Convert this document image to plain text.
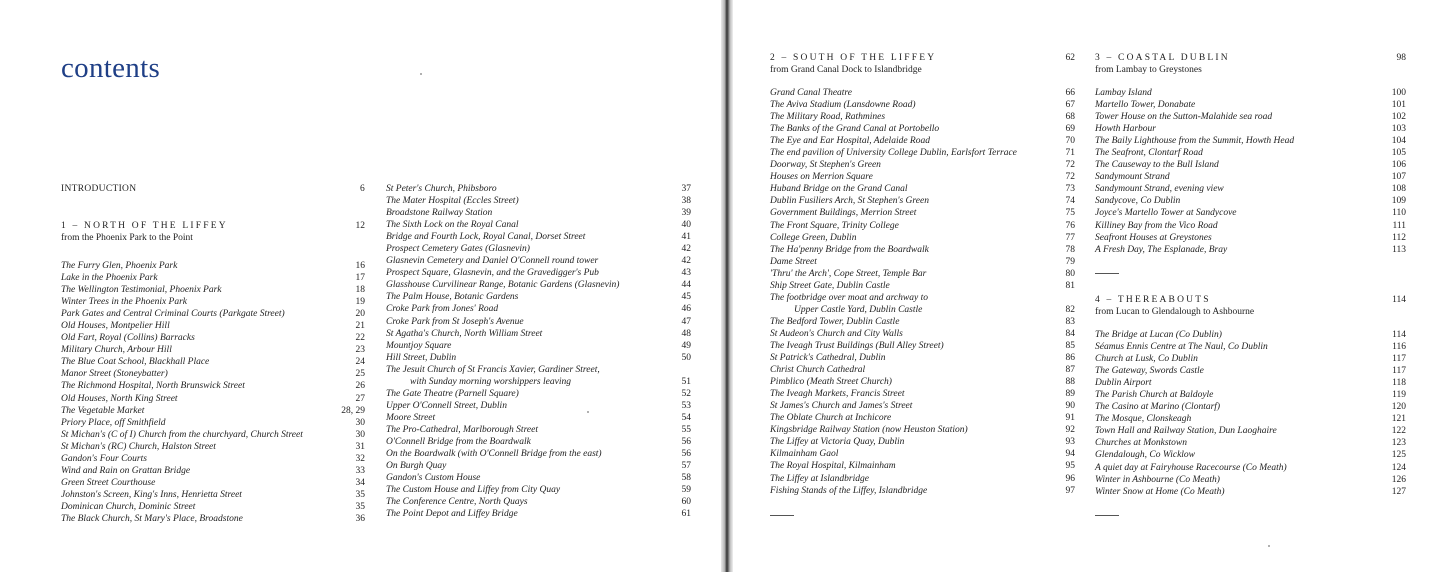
contents
INTRODUCTION	6
1 – NORTH OF THE LIFFEY	12
from the Phoenix Park to the Point
The Furry Glen, Phoenix Park	16
Lake in the Phoenix Park	17
The Wellington Testimonial, Phoenix Park	18
Winter Trees in the Phoenix Park	19
Park Gates and Central Criminal Courts (Parkgate Street)	20
Old Houses, Montpelier Hill	21
Old Fart, Royal (Collins) Barracks	22
Military Church, Arbour Hill	23
The Blue Coat School, Blackhall Place	24
Manor Street (Stoneybatter)	25
The Richmond Hospital, North Brunswick Street	26
Old Houses, North King Street	27
The Vegetable Market	28, 29
Priory Place, off Smithfield	30
St Michan's (C of I) Church from the churchyard, Church Street	30
St Michan's (RC) Church, Halston Street	31
Gandon's Four Courts	32
Wind and Rain on Grattan Bridge	33
Green Street Courthouse	34
Johnston's Screen, King's Inns, Henrietta Street	35
Dominican Church, Dominic Street	35
The Black Church, St Mary's Place, Broadstone	36
St Peter's Church, Phibsboro	37
The Mater Hospital (Eccles Street)	38
Broadstone Railway Station	39
The Sixth Lock on the Royal Canal	40
Bridge and Fourth Lock, Royal Canal, Dorset Street	41
Prospect Cemetery Gates (Glasnevin)	42
Glasnevin Cemetery and Daniel O'Connell round tower	42
Prospect Square, Glasnevin, and the Gravedigger's Pub	43
Glasshouse Curvilinear Range, Botanic Gardens (Glasnevin)	44
The Palm House, Botanic Gardens	45
Croke Park from Jones' Road	46
Croke Park from St Joseph's Avenue	47
St Agatha's Church, North William Street	48
Mountjoy Square	49
Hill Street, Dublin	50
The Jesuit Church of St Francis Xavier, Gardiner Street,
with Sunday morning worshippers leaving	51
The Gate Theatre (Parnell Square)	52
Upper O'Connell Street, Dublin	53
Moore Street	54
The Pro-Cathedral, Marlborough Street	55
O'Connell Bridge from the Boardwalk	56
On the Boardwalk (with O'Connell Bridge from the east)	56
On Burgh Quay	57
Gandon's Custom House	58
The Custom House and Liffey from City Quay	59
The Conference Centre, North Quays	60
The Point Depot and Liffey Bridge	61
2 – SOUTH OF THE LIFFEY	62
from Grand Canal Dock to Islandbridge
Grand Canal Theatre	66
The Aviva Stadium (Lansdowne Road)	67
The Military Road, Rathmines	68
The Banks of the Grand Canal at Portobello	69
The Eye and Ear Hospital, Adelaide Road	70
The end pavilion of University College Dublin, Earlsfort Terrace	71
Doorway, St Stephen's Green	72
Houses on Merrion Square	72
Huband Bridge on the Grand Canal	73
Dublin Fusiliers Arch, St Stephen's Green	74
Government Buildings, Merrion Street	75
The Front Square, Trinity College	76
College Green, Dublin	77
The Ha'penny Bridge from the Boardwalk	78
Dame Street	79
'Thru' the Arch', Cope Street, Temple Bar	80
Ship Street Gate, Dublin Castle	81
The footbridge over moat and archway to
Upper Castle Yard, Dublin Castle	82
The Bedford Tower, Dublin Castle	83
St Audeon's Church and City Walls	84
The Iveagh Trust Buildings (Bull Alley Street)	85
St Patrick's Cathedral, Dublin	86
Christ Church Cathedral	87
Pimblico (Meath Street Church)	88
The Iveagh Markets, Francis Street	89
St James's Church and James's Street	90
The Oblate Church at Inchicore	91
Kingsbridge Railway Station (now Heuston Station)	92
The Liffey at Victoria Quay, Dublin	93
Kilmainham Gaol	94
The Royal Hospital, Kilmainham	95
The Liffey at Islandbridge	96
Fishing Stands of the Liffey, Islandbridge	97
3 – COASTAL DUBLIN	98
from Lambay to Greystones
Lambay Island	100
Martello Tower, Donabate	101
Tower House on the Sutton-Malahide sea road	102
Howth Harbour	103
The Baily Lighthouse from the Summit, Howth Head	104
The Seafront, Clontarf Road	105
The Causeway to the Bull Island	106
Sandymount Strand	107
Sandymount Strand, evening view	108
Sandycove, Co Dublin	109
Joyce's Martello Tower at Sandycove	110
Killiney Bay from the Vico Road	111
Seafront Houses at Greystones	112
A Fresh Day, The Esplanade, Bray	113
4 – THEREABOUTS	114
from Lucan to Glendalough to Ashbourne
The Bridge at Lucan (Co Dublin)	114
Séamus Ennis Centre at The Naul, Co Dublin	116
Church at Lusk, Co Dublin	117
The Gateway, Swords Castle	117
Dublin Airport	118
The Parish Church at Baldoyle	119
The Casino at Marino (Clontarf)	120
The Mosque, Clonskeagh	121
Town Hall and Railway Station, Dun Laoghaire	122
Churches at Monkstown	123
Glendalough, Co Wicklow	125
A quiet day at Fairyhouse Racecourse (Co Meath)	124
Winter in Ashbourne (Co Meath)	126
Winter Snow at Home (Co Meath)	127
